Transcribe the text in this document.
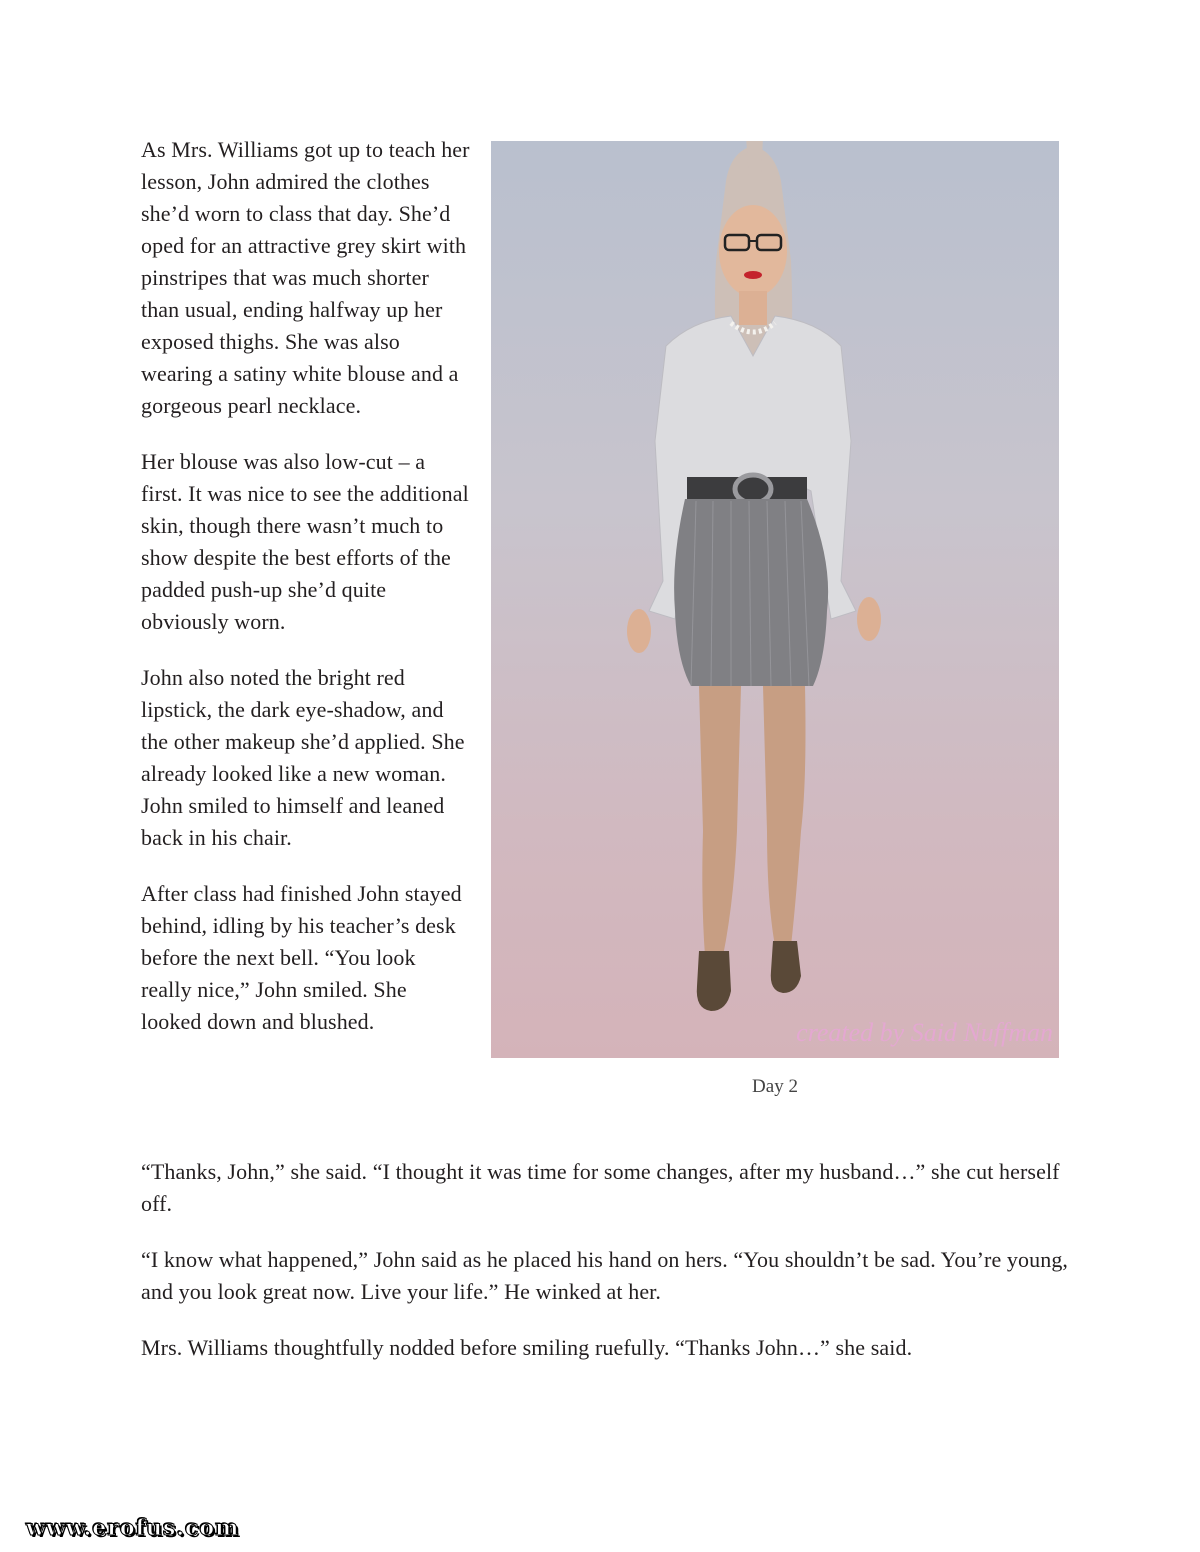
As Mrs. Williams got up to teach her lesson, John admired the clothes she’d worn to class that day. She’d oped for an attractive grey skirt with pinstripes that was much shorter than usual, ending halfway up her exposed thighs. She was also wearing a satiny white blouse and a gorgeous pearl necklace.

Her blouse was also low-cut – a first. It was nice to see the additional skin, though there wasn’t much to show despite the best efforts of the padded push-up she’d quite obviously worn.

John also noted the bright red lipstick, the dark eye-shadow, and the other makeup she’d applied. She already looked like a new woman. John smiled to himself and leaned back in his chair.

After class had finished John stayed behind, idling by his teacher’s desk before the next bell. “You look really nice,” John smiled. She looked down and blushed.	created by Said Nuffman
Day 2

“Thanks, John,” she said. “I thought it was time for some changes, after my husband…” she cut herself off.

“I know what happened,” John said as he placed his hand on hers. “You shouldn’t be sad. You’re young, and you look great now. Live your life.” He winked at her.

Mrs. Williams thoughtfully nodded before smiling ruefully. “Thanks John…” she said.

www.erofus.com
